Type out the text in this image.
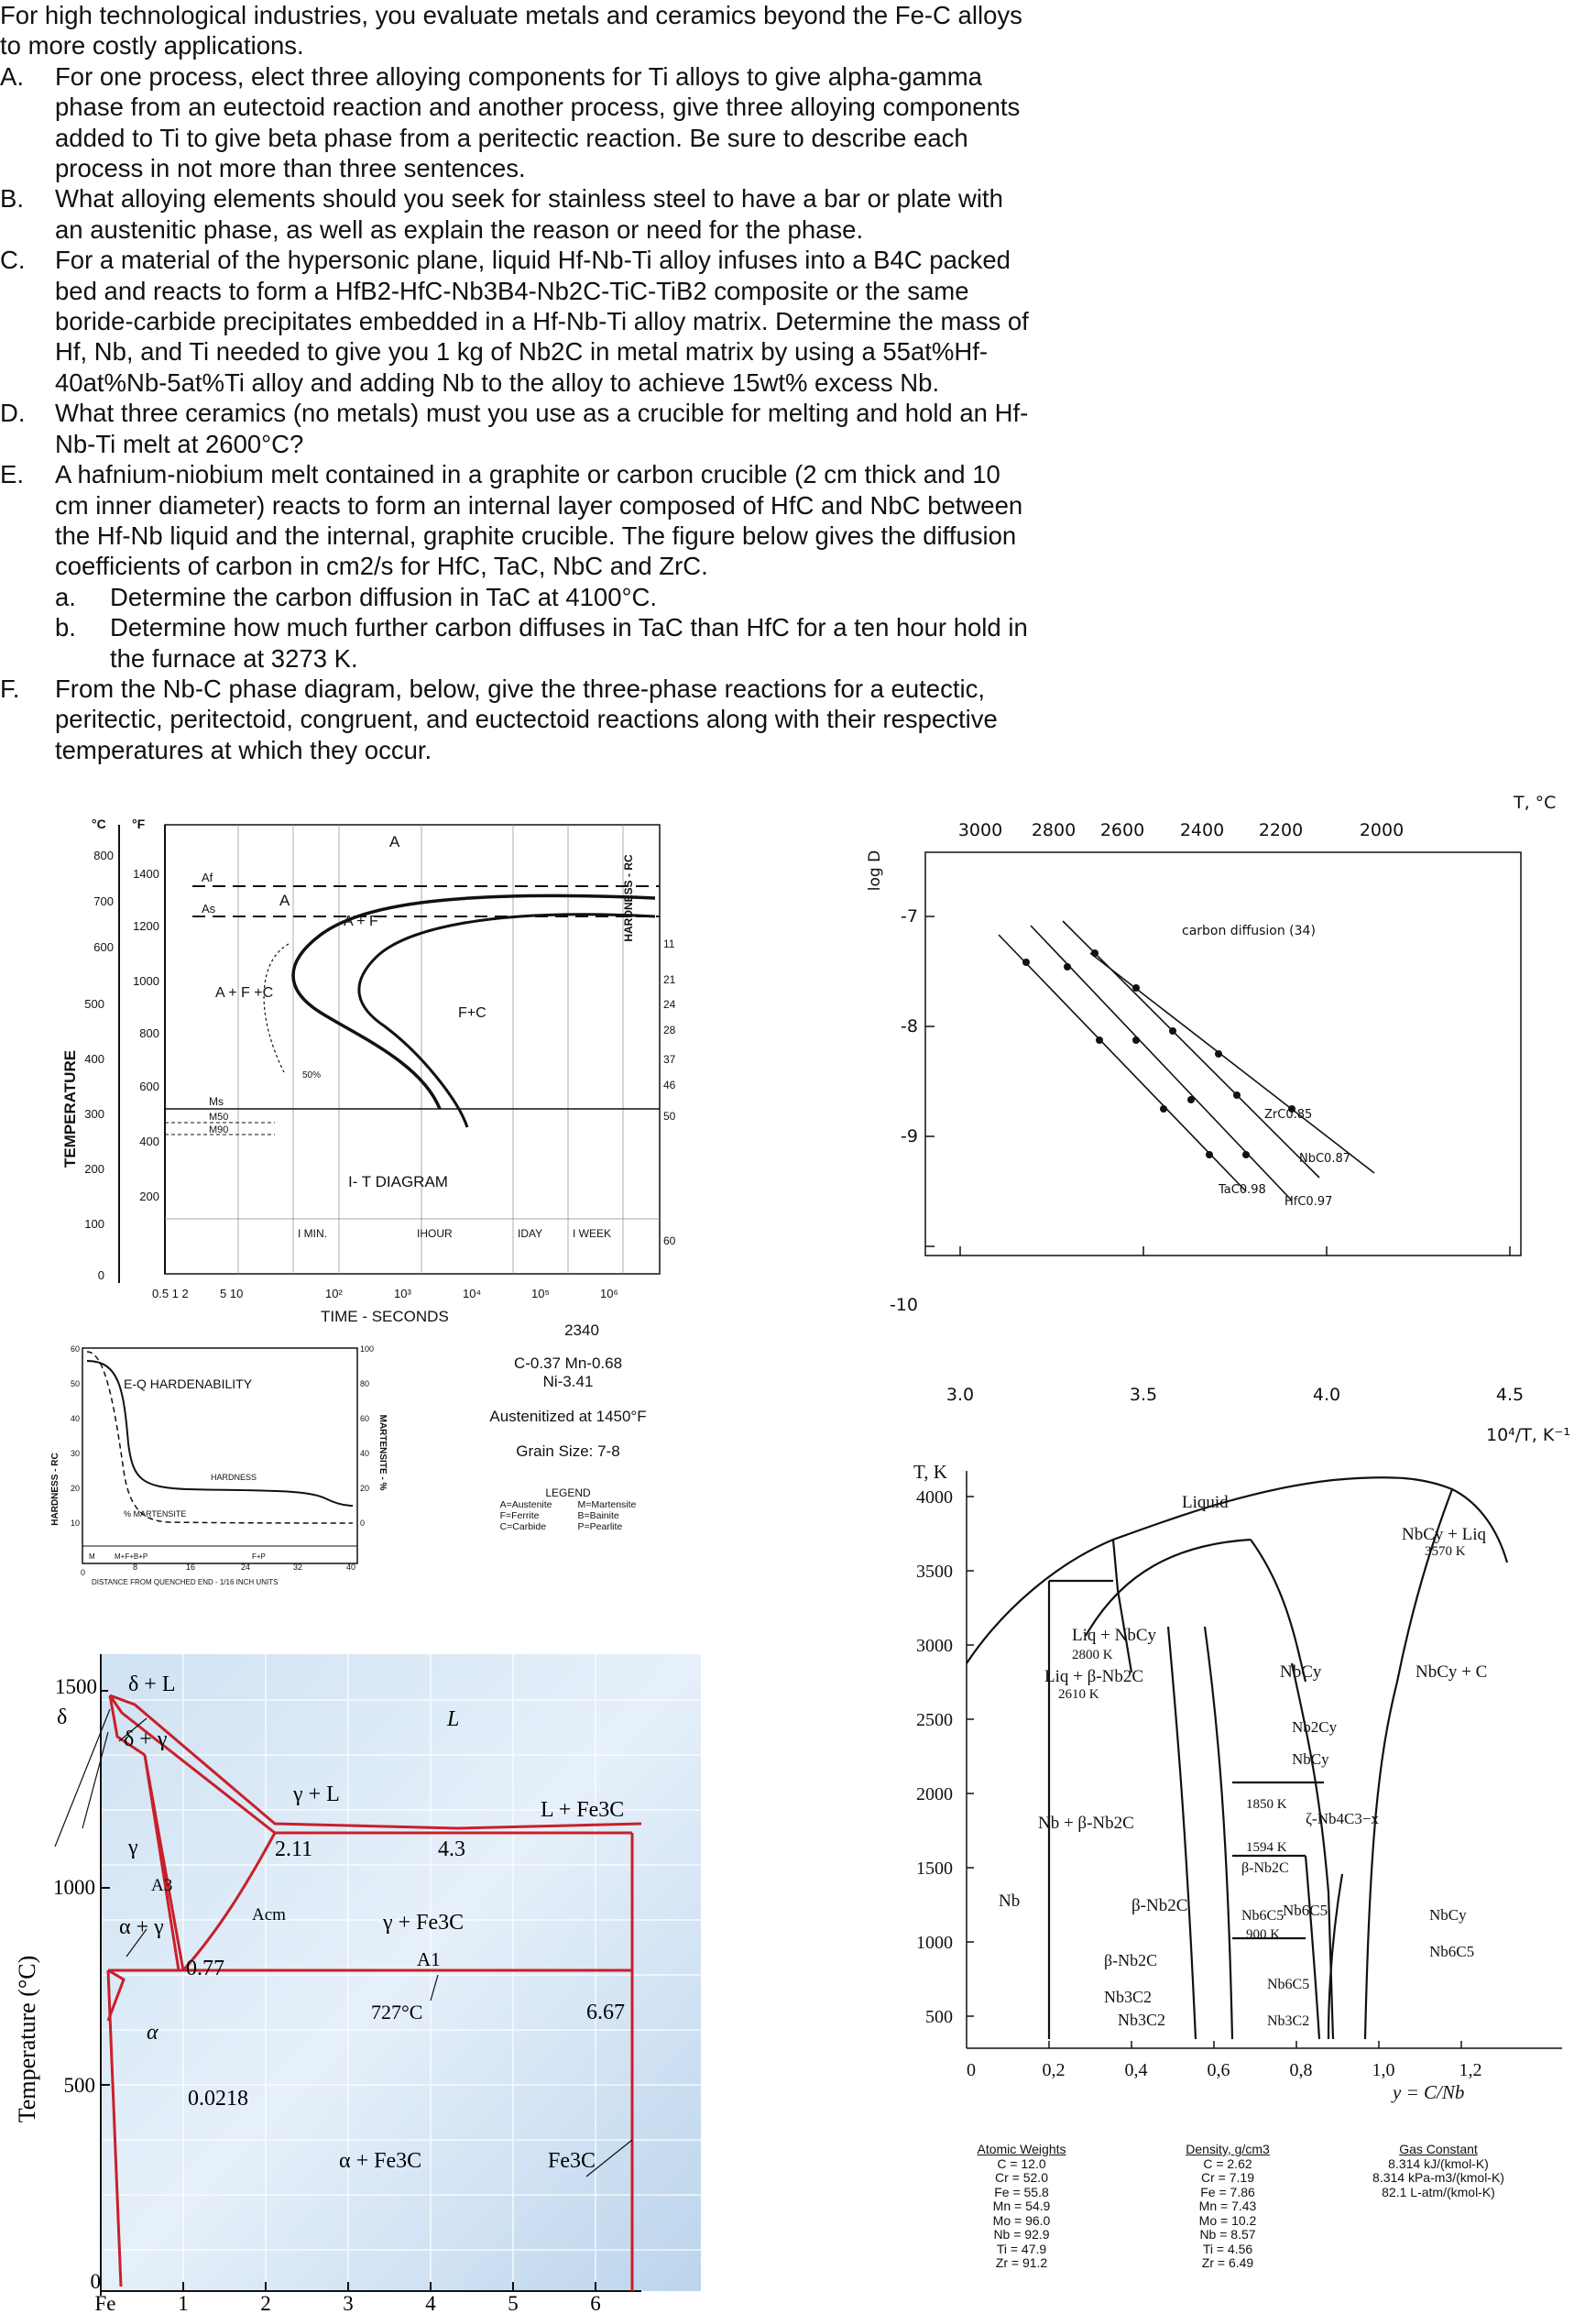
For high technological industries, you evaluate metals and ceramics beyond the Fe-C alloys to more costly applications.

A. For one process, elect three alloying components for Ti alloys to give alpha-gamma phase from an eutectoid reaction and another process, give three alloying components added to Ti to give beta phase from a peritectic reaction. Be sure to describe each process in not more than three sentences.
B. What alloying elements should you seek for stainless steel to have a bar or plate with an austenitic phase, as well as explain the reason or need for the phase.
C. For a material of the hypersonic plane, liquid Hf-Nb-Ti alloy infuses into a B4C packed bed and reacts to form a HfB2-HfC-Nb3B4-Nb2C-TiC-TiB2 composite or the same boride-carbide precipitates embedded in a Hf-Nb-Ti alloy matrix. Determine the mass of Hf, Nb, and Ti needed to give you 1 kg of Nb2C in metal matrix by using a 55at%Hf-40at%Nb-5at%Ti alloy and adding Nb to the alloy to achieve 15wt% excess Nb.
D. What three ceramics (no metals) must you use as a crucible for melting and hold an Hf-Nb-Ti melt at 2600°C?
E. A hafnium-niobium melt contained in a graphite or carbon crucible (2 cm thick and 10 cm inner diameter) reacts to form an internal layer composed of HfC and NbC between the Hf-Nb liquid and the internal, graphite crucible. The figure below gives the diffusion coefficients of carbon in cm2/s for HfC, TaC, NbC and ZrC.
a. Determine the carbon diffusion in TaC at 4100°C.
b. Determine how much further carbon diffuses in TaC than HfC for a ten hour hold in the furnace at 3273 K.
F. From the Nb-C phase diagram, below, give the three-phase reactions for a eutectic, peritectic, peritectoid, congruent, and euctectoid reactions along with their respective temperatures at which they occur.
TEMPERATURE
°C °F
800
700
600
500
400
300
200
100
0
1400
1200
1000
800
600
400
200
Af
As
Ms
M50
M90
A
A
A + F
A + F +C
F+C
50%
I- T DIAGRAM
HARDNESS - RC
11
21
24
28
37
46
50
60
I MIN.	IHOUR	IDAY	I WEEK
0.5 1 2	5 10	10²	10³	10⁴	10⁵	10⁶
TIME - SECONDS
2340
C-0.37 Mn-0.68
Ni-3.41
Austenitized at 1450°F
Grain Size: 7-8
LEGEND
A=Austenite
F=Ferrite
C=Carbide
M=Martensite
B=Bainite
P=Pearlite
HARDNESS - RC	MARTENSITE - %
60
50
40
30
20
10
100
80
60
40
20
0
E-Q HARDENABILITY
HARDNESS
% MARTENSITE
M	M+F+B+P	F+P
0
8	16	24	32	40
DISTANCE FROM QUENCHED END - 1/16 INCH UNITS
Temperature (°C)
1500
1000
500
0
Fe	1	2	3	4	5	6
δ + L
δ
δ + γ
γ + L
L
L + Fe3C
γ
A3
Acm
α + γ	γ + Fe3C
A1
α
α + Fe3C	Fe3C
2.11	4.3
0.77
727°C	6.67
0.0218
log D
T, °C
3000 2800 2600 2400 2200	2000
-7
-8
-9
-10
3.0	3.5	4.0	4.5
10⁴/T, K⁻¹
carbon diffusion (34)
ZrC0.85
NbC0.87
TaC0.98
HfC0.97
T, K
4000
3500
3000
2500
2000
1500
1000
500
0	0,2	0,4	0,6	0,8	1,0	1,2
y = C/Nb
Liquid
NbCy + Liq
3570 K
Liq + NbCy
2800 K
Liq + β-Nb2C
2610 K
NbCy	NbCy + C
Nb2Cy
NbCy
1850 K
Nb + β-Nb2C	ζ-Nb4C3−x
1594 K
β-Nb2C
Nb6C5
Nb	β-Nb2C	Nb6C5
900 K
NbCy
Nb6C5
β-Nb2C
Nb3C2
Nb3C2
Nb6C5
Nb3C2
Atomic Weights
C = 12.0
Cr = 52.0
Fe = 55.8
Mn = 54.9
Mo = 96.0
Nb = 92.9
Ti = 47.9
Zr = 91.2
Density, g/cm3
C = 2.62
Cr = 7.19
Fe = 7.86
Mn = 7.43
Mo = 10.2
Nb = 8.57
Ti = 4.56
Zr = 6.49
Gas Constant
8.314 kJ/(kmol-K)
8.314 kPa-m3/(kmol-K)
82.1 L-atm/(kmol-K)
